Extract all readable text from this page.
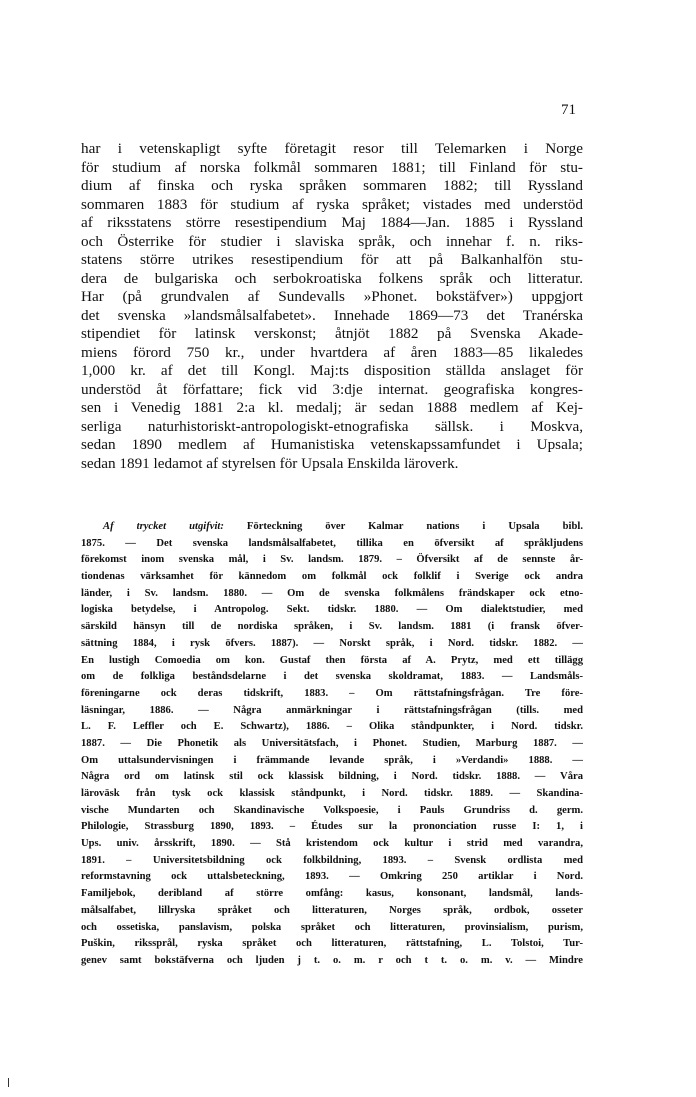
71
har i vetenskapligt syfte företagit resor till Telemarken i Norge
för studium af norska folkmål sommaren 1881; till Finland för stu-
dium af finska och ryska språken sommaren 1882; till Ryssland
sommaren 1883 för studium af ryska språket; vistades med understöd
af riksstatens större resestipendium Maj 1884—Jan. 1885 i Ryssland
och Österrike för studier i slaviska språk, och innehar f. n. riks-
statens större utrikes resestipendium för att på Balkanhalfön stu-
dera de bulgariska och serbokroatiska folkens språk och litteratur.
Har (på grundvalen af Sundevalls »Phonet. bokstäfver») uppgjort
det svenska »landsmålsalfabetet». Innehade 1869—73 det Tranérska
stipendiet för latinsk verskonst; åtnjöt 1882 på Svenska Akade-
miens förord 750 kr., under hvartdera af åren 1883—85 likaledes
1,000 kr. af det till Kongl. Maj:ts disposition ställda anslaget för
understöd åt författare; fick vid 3:dje internat. geografiska kongres-
sen i Venedig 1881 2:a kl. medalj; är sedan 1888 medlem af Kej-
serliga naturhistoriskt-antropologiskt-etnografiska sällsk. i Moskva,
sedan 1890 medlem af Humanistiska vetenskapssamfundet i Upsala;
sedan 1891 ledamot af styrelsen för Upsala Enskilda läroverk.
Af trycket utgifvit: Förteckning över Kalmar nations i Upsala bibl.
1875. — Det svenska landsmålsalfabetet, tillika en öfversikt af språkljudens
förekomst inom svenska mål, i Sv. landsm. 1879. – Öfversikt af de sennste år-
tiondenas värksamhet för kännedom om folkmål ock folklif i Sverige ock andra
länder, i Sv. landsm. 1880. — Om de svenska folkmålens frändskaper ock etno-
logiska betydelse, i Antropolog. Sekt. tidskr. 1880. — Om dialektstudier, med
särskild hänsyn till de nordiska språken, i Sv. landsm. 1881 (i fransk öfver-
sättning 1884, i rysk öfvers. 1887). — Norskt språk, i Nord. tidskr. 1882. —
En lustigh Comoedia om kon. Gustaf then första af A. Prytz, med ett tillägg
om de folkliga beståndsdelarne i det svenska skoldramat, 1883. — Landsmåls-
föreningarne ock deras tidskrift, 1883. – Om rättstafningsfrågan. Tre före-
läsningar, 1886. — Några anmärkningar i rättstafningsfrågan (tills. med
L. F. Leffler och E. Schwartz), 1886. – Olika ståndpunkter, i Nord. tidskr.
1887. — Die Phonetik als Universitätsfach, i Phonet. Studien, Marburg 1887. —
Om uttalsundervisningen i främmande levande språk, i »Verdandi» 1888. —
Några ord om latinsk stil ock klassisk bildning, i Nord. tidskr. 1888. — Våra
läroväsk från tysk ock klassisk ståndpunkt, i Nord. tidskr. 1889. — Skandina-
vische Mundarten och Skandinavische Volkspoesie, i Pauls Grundriss d. germ.
Philologie, Strassburg 1890, 1893. – Études sur la prononciation russe I: 1, i
Ups. univ. årsskrift, 1890. — Stå kristendom ock kultur i strid med varandra,
1891. – Universitetsbildning ock folkbildning, 1893. – Svensk ordlista med
reformstavning ock uttalsbeteckning, 1893. — Omkring 250 artiklar i Nord.
Familjebok, deribland af större omfång: kasus, konsonant, landsmål, lands-
målsalfabet, lillryska språket och litteraturen, Norges språk, ordbok, osseter
och ossetiska, panslavism, polska språket och litteraturen, provinsialism, purism,
Puškin, rikssprål, ryska språket och litteraturen, rättstafning, L. Tolstoi, Tur-
genev samt bokstäfverna och ljuden j t. o. m. r och t t. o. m. v. — Mindre
